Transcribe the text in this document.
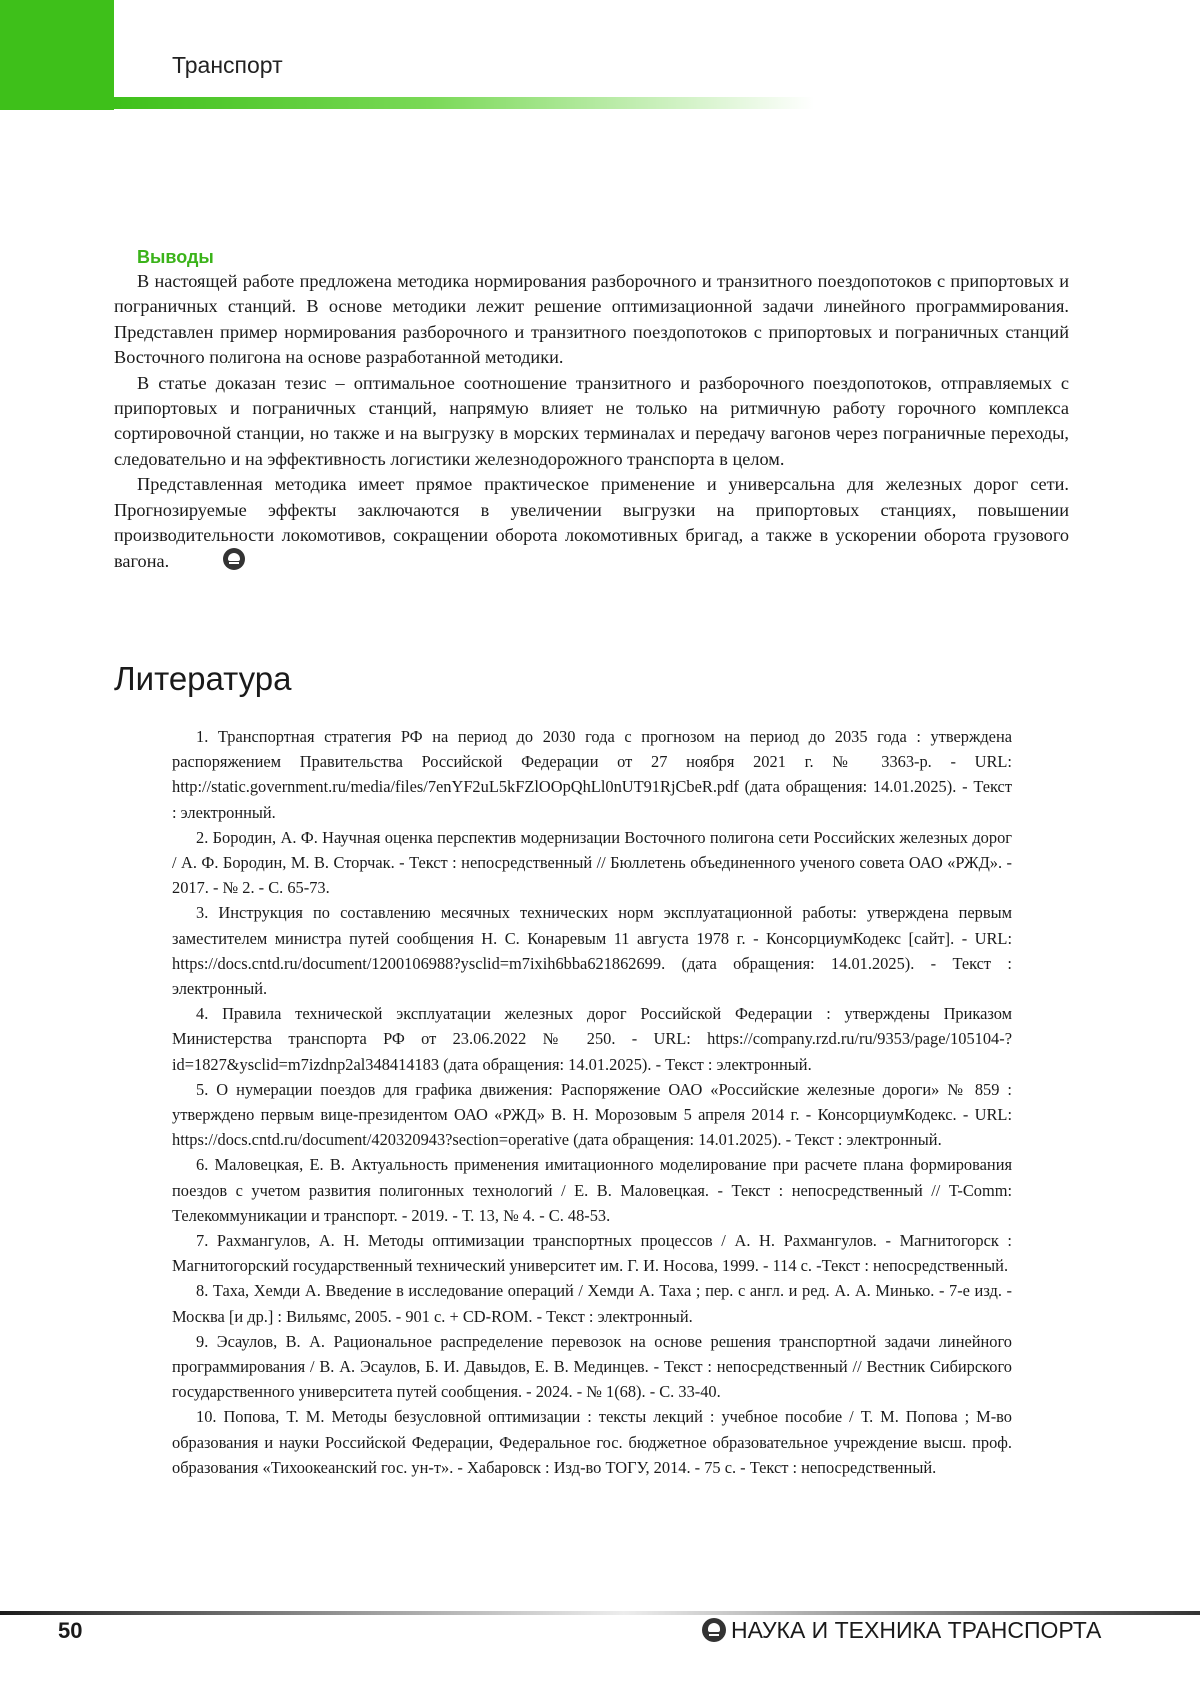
Транспорт
Выводы

В настоящей работе предложена методика нормирования разборочного и транзитного поездопотоков с припортовых и пограничных станций. В основе методики лежит решение оптимизационной задачи линейного программирования. Представлен пример нормирования разборочного и транзитного поездопотоков с припортовых и пограничных станций Восточного полигона на основе разработанной методики.

В статье доказан тезис – оптимальное соотношение транзитного и разборочного поездопотоков, отправляемых с припортовых и пограничных станций, напрямую влияет не только на ритмичную работу горочного комплекса сортировочной станции, но также и на выгрузку в морских терминалах и передачу вагонов через пограничные переходы, следовательно и на эффективность логистики железнодорожного транспорта в целом.

Представленная методика имеет прямое практическое применение и универсальна для железных дорог сети. Прогнозируемые эффекты заключаются в увеличении выгрузки на припортовых станциях, повышении производительности локомотивов, сокращении оборота локомотивных бригад, а также в ускорении оборота грузового вагона.

Литература
1. Транспортная стратегия РФ на период до 2030 года с прогнозом на период до 2035 года : утверждена распоряжением Правительства Российской Федерации от 27 ноября 2021 г. № 3363-р. - URL: http://static.government.ru/media/files/7enYF2uL5kFZlOOpQhLl0nUT91RjCbeR.pdf (дата обращения: 14.01.2025). - Текст : электронный.
2. Бородин, А. Ф. Научная оценка перспектив модернизации Восточного полигона сети Российских железных дорог / А. Ф. Бородин, М. В. Сторчак. - Текст : непосредственный // Бюллетень объединенного ученого совета ОАО «РЖД». - 2017. - № 2. - С. 65-73.
3. Инструкция по составлению месячных технических норм эксплуатационной работы: утверждена первым заместителем министра путей сообщения Н. С. Конаревым 11 августа 1978 г. - КонсорциумКодекс [сайт]. - URL: https://docs.cntd.ru/document/1200106988?ysclid=m7ixih6bba621862699. (дата обращения: 14.01.2025). - Текст : электронный.
4. Правила технической эксплуатации железных дорог Российской Федерации : утверждены Приказом Министерства транспорта РФ от 23.06.2022 № 250. - URL: https://company.rzd.ru/ru/9353/page/105104-?id=1827&ysclid=m7izdnp2al348414183 (дата обращения: 14.01.2025). - Текст : электронный.
5. О нумерации поездов для графика движения: Распоряжение ОАО «Российские железные дороги» № 859 : утверждено первым вице-президентом ОАО «РЖД» В. Н. Морозовым 5 апреля 2014 г. - КонсорциумКодекс. - URL: https://docs.cntd.ru/document/420320943?section=operative (дата обращения: 14.01.2025). - Текст : электронный.
6. Маловецкая, Е. В. Актуальность применения имитационного моделирование при расчете плана формирования поездов с учетом развития полигонных технологий / Е. В. Маловецкая. - Текст : непосредственный // T-Comm: Телекоммуникации и транспорт. - 2019. - Т. 13, № 4. - С. 48-53.
7. Рахмангулов, А. Н. Методы оптимизации транспортных процессов / А. Н. Рахмангулов. - Магнитогорск : Магнитогорский государственный технический университет им. Г. И. Носова, 1999. - 114 с. -Текст : непосредственный.
8. Таха, Хемди А. Введение в исследование операций / Хемди А. Таха ; пер. с англ. и ред. А. А. Минько. - 7-е изд. - Москва [и др.] : Вильямс, 2005. - 901 с. + CD-ROM. - Текст : электронный.
9. Эсаулов, В. А. Рациональное распределение перевозок на основе решения транспортной задачи линейного программирования / В. А. Эсаулов, Б. И. Давыдов, Е. В. Мединцев. - Текст : непосредственный // Вестник Сибирского государственного университета путей сообщения. - 2024. - № 1(68). - С. 33-40.
10. Попова, Т. М. Методы безусловной оптимизации : тексты лекций : учебное пособие / Т. М. Попова ; М-во образования и науки Российской Федерации, Федеральное гос. бюджетное образовательное учреждение высш. проф. образования «Тихоокеанский гос. ун-т». - Хабаровск : Изд-во ТОГУ, 2014. - 75 с. - Текст : непосредственный.
50	НАУКА И ТЕХНИКА ТРАНСПОРТА
